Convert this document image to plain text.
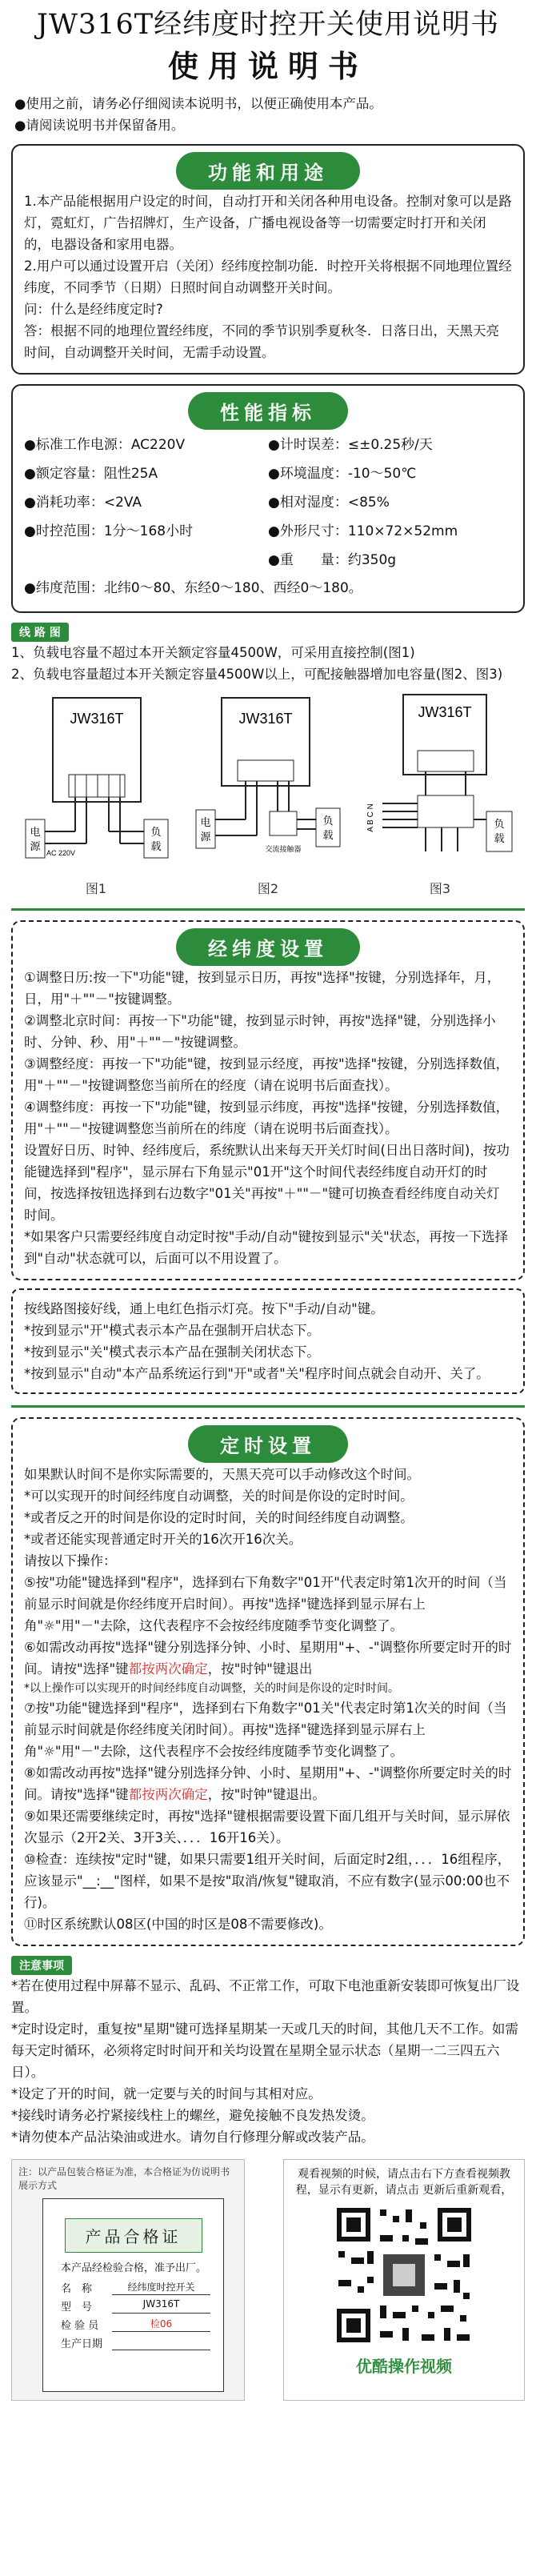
JW316T经纬度时控开关使用说明书
使用说明书
●使用之前，请务必仔细阅读本说明书，以便正确使用本产品。
●请阅读说明书并保留备用。
功能和用途
1.本产品能根据用户设定的时间，自动打开和关闭各种用电设备。控制对象可以是路灯，霓虹灯，广告招牌灯，生产设备，广播电视设备等一切需要定时打开和关闭的，电器设备和家用电器。
2.用户可以通过设置开启（关闭）经纬度控制功能．时控开关将根据不同地理位置经纬度，不同季节（日期）日照时间自动调整开关时间。
问：什么是经纬度定时?
答：根据不同的地理位置经纬度，不同的季节识别季夏秋冬．日落日出，天黑天亮时间，自动调整开关时间，无需手动设置。
性能指标
●标准工作电源：AC220V
●额定容量：阻性25A
●消耗功率：<2VA
●时控范围：1分～168小时
●计时误差：≤±0.25秒/天
●环境温度：-10～50℃
●相对湿度：<85%
●外形尺寸：110×72×52mm
●重　　量：约350g
●纬度范围：北纬0～80、东经0～180、西经0～180。
线 路 图
1、负载电容量不超过本开关额定容量4500W，可采用直接控制(图1)
2、负载电容量超过本开关额定容量4500W以上，可配接触器增加电容量(图2、图3)
JW316T
电
源
AC 220V
负
载
图1
JW316T
交流接触器
电
源
负
载
图2
JW316T
A B C N	负
载
图3
经纬度设置
①调整日历:按一下"功能"键，按到显示日历，再按"选择"按键，分别选择年，月，日，用"＋""－"按键调整。
②调整北京时间：再按一下"功能"键，按到显示时钟，再按"选择"键，分别选择小时、分钟、秒、用"＋""－"按键调整。
③调整经度：再按一下"功能"键，按到显示经度，再按"选择"按键，分别选择数值，用"＋""－"按键调整您当前所在的经度（请在说明书后面查找）。
④调整纬度：再按一下"功能"键，按到显示纬度，再按"选择"按键，分别选择数值，用"＋""－"按键调整您当前所在的纬度（请在说明书后面查找）。
设置好日历、时钟、经纬度后，系统默认出来每天开关灯时间(日出日落时间)，按功能键选择到"程序"，显示屏右下角显示"01开"这个时间代表经纬度自动开灯的时间，按选择按钮选择到右边数字"01关"再按"＋""－"键可切换查看经纬度自动关灯时间。
*如果客户只需要经纬度自动定时按"手动/自动"键按到显示"关"状态，再按一下选择到"自动"状态就可以，后面可以不用设置了。
按线路图接好线，通上电红色指示灯亮。按下"手动/自动"键。
*按到显示"开"模式表示本产品在强制开启状态下。
*按到显示"关"模式表示本产品在强制关闭状态下。
*按到显示"自动"本产品系统运行到"开"或者"关"程序时间点就会自动开、关了。
定时设置
如果默认时间不是你实际需要的，天黑天亮可以手动修改这个时间。
*可以实现开的时间经纬度自动调整，关的时间是你设的定时时间。
*或者反之开的时间是你设的定时时间，关的时间经纬度自动调整。
*或者还能实现普通定时开关的16次开16次关。
请按以下操作：
⑤按"功能"键选择到"程序"，选择到右下角数字"01开"代表定时第1次开的时间（当前显示时间就是你经纬度开启时间）。再按"选择"键选择到显示屏右上角"☼"用"－"去除，这代表程序不会按经纬度随季节变化调整了。
⑥如需改动再按"选择"键分别选择分钟、小时、星期用"+、-"调整你所要定时开的时间。请按"选择"键都按两次确定，按"时钟"键退出
*以上操作可以实现开的时间经纬度自动调整，关的时间是你设的定时时间。
⑦按"功能"键选择到"程序"，选择到右下角数字"01关"代表定时第1次关的时间（当前显示时间就是你经纬度关闭时间）。再按"选择"键选择到显示屏右上角"☼"用"－"去除，这代表程序不会按经纬度随季节变化调整了。
⑧如需改动再按"选择"键分别选择分钟、小时、星期用"+、-"调整你所要定时关的时间。请按"选择"键都按两次确定，按"时钟"键退出。
⑨如果还需要继续定时，再按"选择"键根据需要设置下面几组开与关时间，显示屏依次显示（2开2关、3开3关、．．．16开16关）。
⑩检查：连续按"定时"键，如果只需要1组开关时间，后面定时2组，．．．16组程序，应该显示"__:__"图样，如果不是按"取消/恢复"键取消，不应有数字(显示00:00也不行)。
⑪时区系统默认08区(中国的时区是08不需要修改)。
注意事项
*若在使用过程中屏幕不显示、乱码、不正常工作，可取下电池重新安装即可恢复出厂设置。
*定时设定时，重复按"星期"键可选择星期某一天或几天的时间，其他几天不工作。如需每天定时循环，必须将定时时间开和关均设置在星期全显示状态（星期一二三四五六日）。
*设定了开的时间，就一定要与关的时间与其相对应。
*接线时请务必拧紧接线柱上的螺丝，避免接触不良发热发烫。
*请勿使本产品沾染油或进水。请勿自行修理分解或改装产品。
注：以产品包装合格证为准，本合格证为仿说明书展示方式
产品合格证
本产品经检验合格，准予出厂。
名　称	经纬度时控开关
型　号	JW316T
检 验 员	检06
生产日期
观看视频的时候，请点击右下方查看视频教程，显示有更新，请点击 更新后重新观看，
优酷操作视频
